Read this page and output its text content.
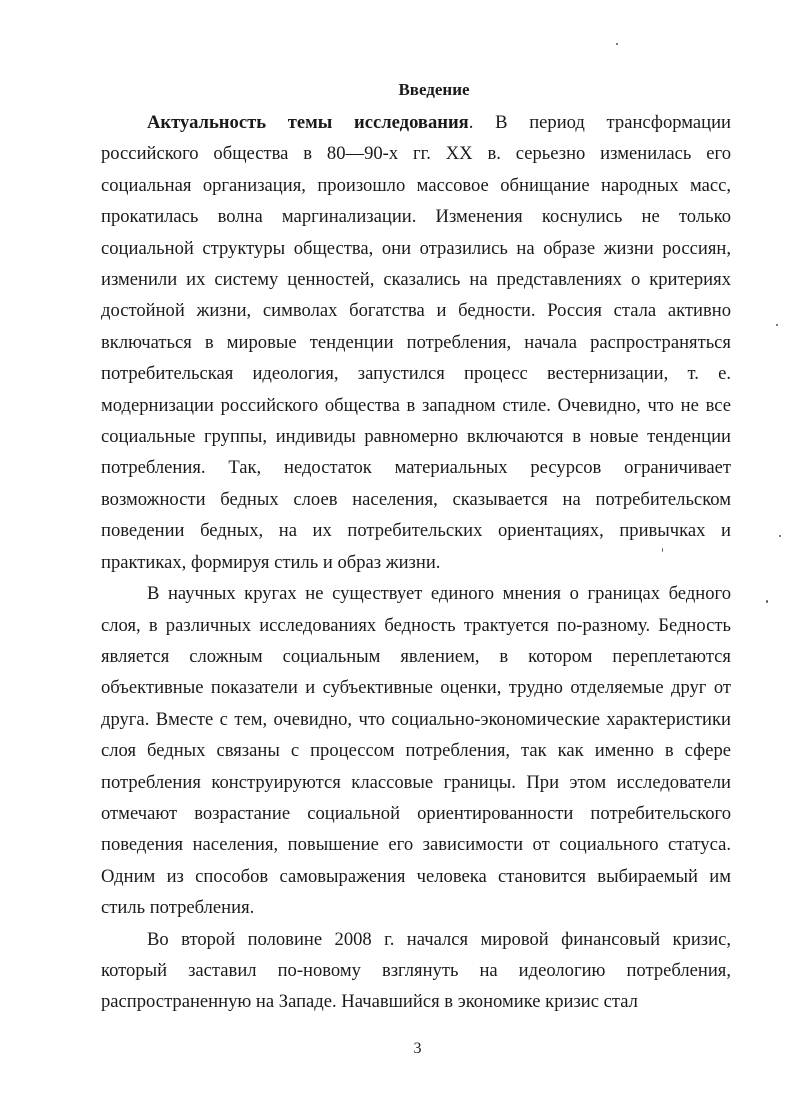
Введение

Актуальность темы исследования. В период трансформации российского общества в 80—90-х гг. XX в. серьезно изменилась его социальная организация, произошло массовое обнищание народных масс, прокатилась волна маргинализации. Изменения коснулись не только социальной структуры общества, они отразились на образе жизни россиян, изменили их систему ценностей, сказались на представлениях о критериях достойной жизни, символах богатства и бедности. Россия стала активно включаться в мировые тенденции потребления, начала распространяться потребительская идеология, запустился процесс вестернизации, т. е. модернизации российского общества в западном стиле. Очевидно, что не все социальные группы, индивиды равномерно включаются в новые тенденции потребления. Так, недостаток материальных ресурсов ограничивает возможности бедных слоев населения, сказывается на потребительском поведении бедных, на их потребительских ориентациях, привычках и практиках, формируя стиль и образ жизни.

В научных кругах не существует единого мнения о границах бедного слоя, в различных исследованиях бедность трактуется по-разному. Бедность является сложным социальным явлением, в котором переплетаются объективные показатели и субъективные оценки, трудно отделяемые друг от друга. Вместе с тем, очевидно, что социально-экономические характеристики слоя бедных связаны с процессом потребления, так как именно в сфере потребления конструируются классовые границы. При этом исследователи отмечают возрастание социальной ориентированности потребительского поведения населения, повышение его зависимости от социального статуса. Одним из способов самовыражения человека становится выбираемый им стиль потребления.

Во второй половине 2008 г. начался мировой финансовый кризис, который заставил по-новому взглянуть на идеологию потребления, распространенную на Западе. Начавшийся в экономике кризис стал

3
